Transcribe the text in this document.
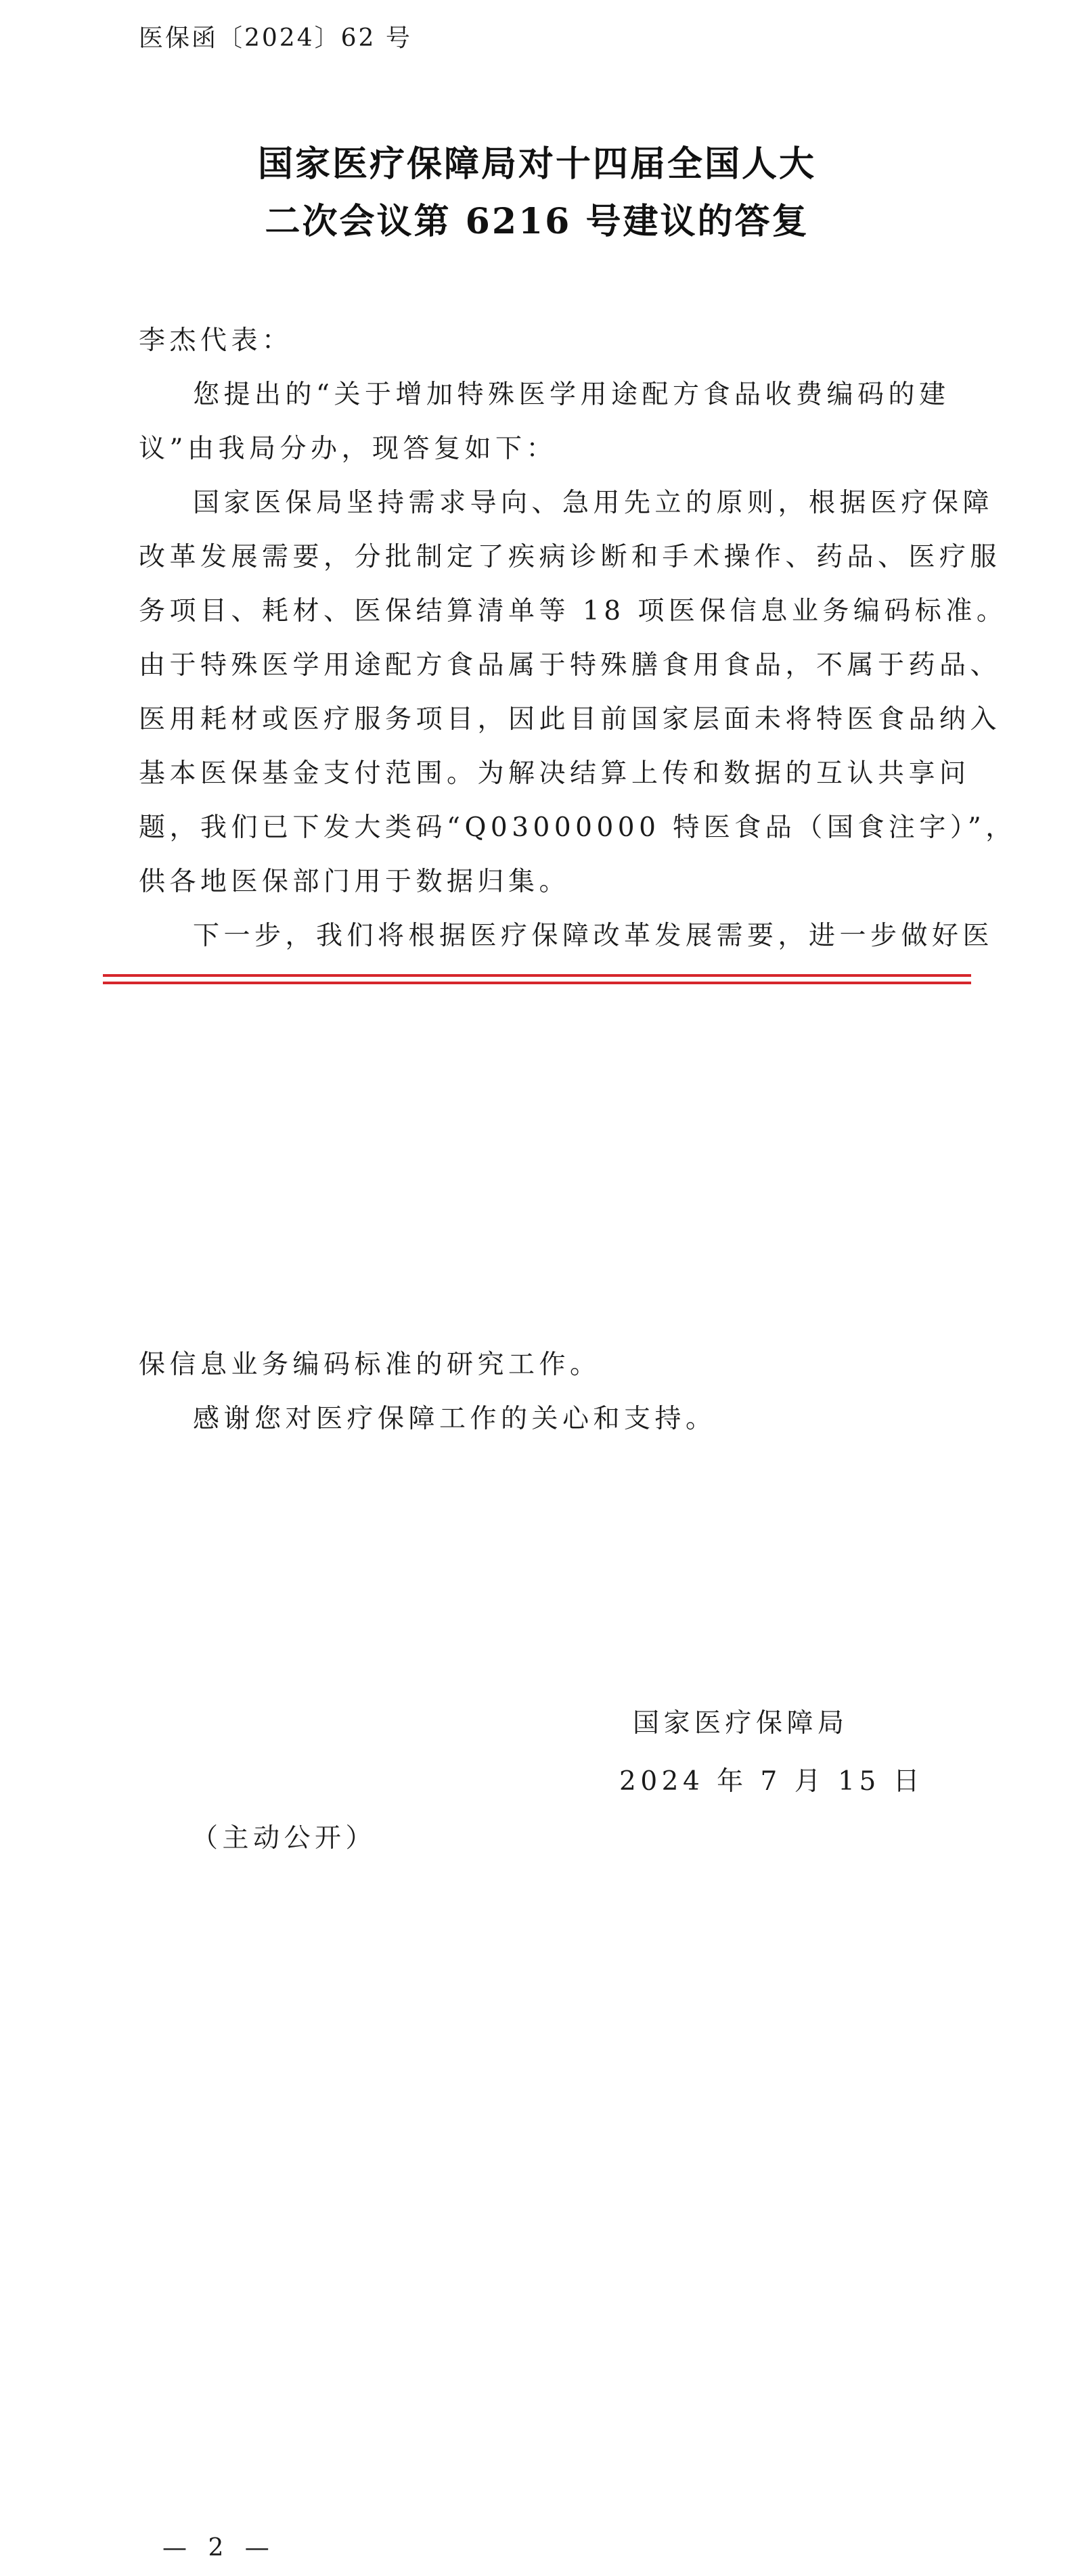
医保函〔2024〕62 号
国家医疗保障局对十四届全国人大
二次会议第 6216 号建议的答复
李杰代表：
您提出的“关于增加特殊医学用途配方食品收费编码的建
议”由我局分办，现答复如下：
国家医保局坚持需求导向、急用先立的原则，根据医疗保障
改革发展需要，分批制定了疾病诊断和手术操作、药品、医疗服
务项目、耗材、医保结算清单等 18 项医保信息业务编码标准。
由于特殊医学用途配方食品属于特殊膳食用食品，不属于药品、
医用耗材或医疗服务项目，因此目前国家层面未将特医食品纳入
基本医保基金支付范围。为解决结算上传和数据的互认共享问
题，我们已下发大类码“Q03000000 特医食品（国食注字）”，
供各地医保部门用于数据归集。
下一步，我们将根据医疗保障改革发展需要，进一步做好医
保信息业务编码标准的研究工作。
感谢您对医疗保障工作的关心和支持。
国家医疗保障局
2024 年 7 月 15 日
（主动公开）
— 2 —
